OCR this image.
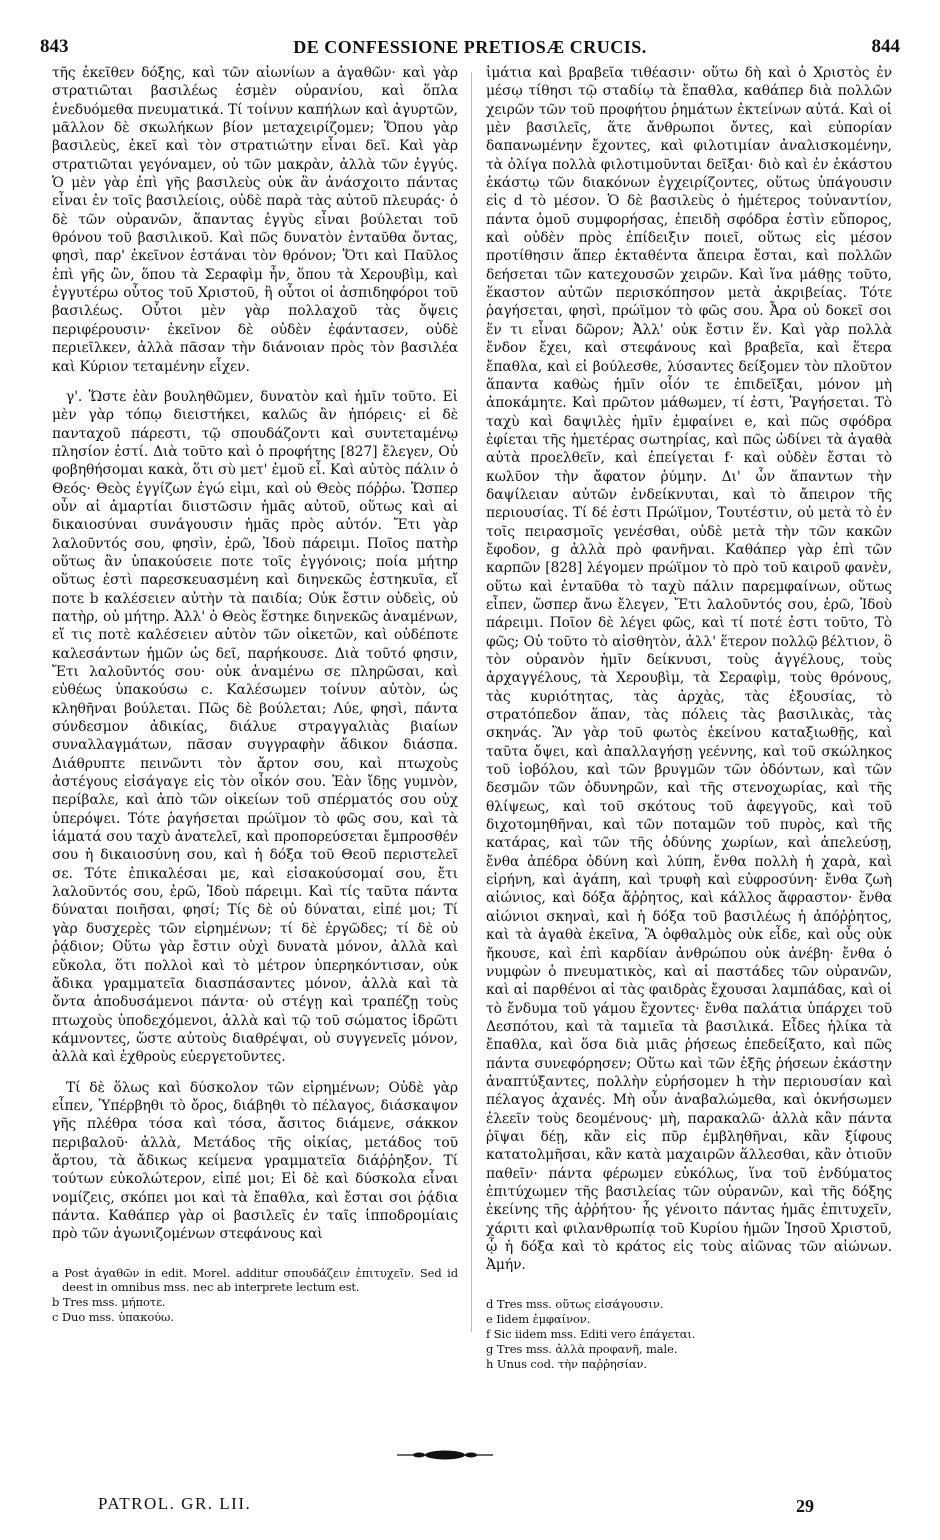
843	DE CONFESSIONE PRETIOSÆ CRUCIS.	844

τῆς ἐκεῖθεν δόξης, καὶ τῶν αἰωνίων a ἀγαθῶν· καὶ γὰρ στρατιῶται βασιλέως ἐσμὲν οὐρανίου, καὶ ὅπλα ἐνεδυόμεθα πνευματικά. Τί τοίνυν καπήλων καὶ ἀγυρτῶν, μᾶλλον δὲ σκωλήκων βίον μεταχειρίζομεν; Ὅπου γὰρ βασιλεὺς, ἐκεῖ καὶ τὸν στρατιώτην εἶναι δεῖ. Καὶ γὰρ στρατιῶται γεγόναμεν, οὐ τῶν μακρὰν, ἀλλὰ τῶν ἐγγύς. Ὁ μὲν γὰρ ἐπὶ γῆς βασιλεὺς οὐκ ἂν ἀνάσχοιτο πάντας εἶναι ἐν τοῖς βασιλείοις, οὐδὲ παρὰ τὰς αὐτοῦ πλευράς· ὁ δὲ τῶν οὐρανῶν, ἅπαντας ἐγγὺς εἶναι βούλεται τοῦ θρόνου τοῦ βασιλικοῦ. Καὶ πῶς δυνατὸν ἐνταῦθα ὄντας, φησὶ, παρ' ἐκεῖνον ἑστάναι τὸν θρόνον; Ὅτι καὶ Παῦλος ἐπὶ γῆς ὢν, ὅπου τὰ Σεραφὶμ ἦν, ὅπου τὰ Χερουβὶμ, καὶ ἐγγυτέρω οὗτος τοῦ Χριστοῦ, ἢ οὗτοι οἱ ἀσπιδηφόροι τοῦ βασιλέως. Οὗτοι μὲν γὰρ πολλαχοῦ τὰς ὄψεις περιφέρουσιν· ἐκεῖνον δὲ οὐδὲν ἐφάντασεν, οὐδὲ περιεῖλκεν, ἀλλὰ πᾶσαν τὴν διάνοιαν πρὸς τὸν βασιλέα καὶ Κύριον τεταμένην εἶχεν.

γ'. Ὥστε ἐὰν βουληθῶμεν, δυνατὸν καὶ ἡμῖν τοῦτο. Εἰ μὲν γὰρ τόπῳ διειστήκει, καλῶς ἂν ἠπόρεις· εἰ δὲ πανταχοῦ πάρεστι, τῷ σπουδάζοντι καὶ συντεταμένῳ πλησίον ἐστί. Διὰ τοῦτο καὶ ὁ προφήτης [827] ἔλεγεν, Οὐ φοβηθήσομαι κακὰ, ὅτι σὺ μετ' ἐμοῦ εἶ. Καὶ αὐτὸς πάλιν ὁ Θεός· Θεὸς ἐγγίζων ἐγώ εἰμι, καὶ οὐ Θεὸς πόῤῥω. Ὥσπερ οὖν αἱ ἁμαρτίαι διιστῶσιν ἡμᾶς αὐτοῦ, οὕτως καὶ αἱ δικαιοσύναι συνάγουσιν ἡμᾶς πρὸς αὐτόν. Ἔτι γὰρ λαλοῦντός σου, φησὶν, ἐρῶ, Ἰδοὺ πάρειμι. Ποῖος πατὴρ οὕτως ἂν ὑπακούσειε ποτε τοῖς ἐγγόνοις; ποία μήτηρ οὕτως ἐστὶ παρεσκευασμένη καὶ διηνεκῶς ἑστηκυῖα, εἴ ποτε b καλέσειεν αὐτὴν τὰ παιδία; Οὐκ ἔστιν οὐδεὶς, οὐ πατὴρ, οὐ μήτηρ. Ἀλλ' ὁ Θεὸς ἕστηκε διηνεκῶς ἀναμένων, εἴ τις ποτὲ καλέσειεν αὐτὸν τῶν οἰκετῶν, καὶ οὐδέποτε καλεσάντων ἡμῶν ὡς δεῖ, παρήκουσε. Διὰ τοῦτό φησιν, Ἔτι λαλοῦντός σου· οὐκ ἀναμένω σε πληρῶσαι, καὶ εὐθέως ὑπακούσω c. Καλέσωμεν τοίνυν αὐτὸν, ὡς κληθῆναι βούλεται. Πῶς δὲ βούλεται; Λύε, φησὶ, πάντα σύνδεσμον ἀδικίας, διάλυε στραγγαλιὰς βιαίων συναλλαγμάτων, πᾶσαν συγγραφὴν ἄδικον διάσπα. Διάθρυπτε πεινῶντι τὸν ἄρτον σου, καὶ πτωχοὺς ἀστέγους εἰσάγαγε εἰς τὸν οἶκόν σου. Ἐὰν ἴδῃς γυμνὸν, περίβαλε, καὶ ἀπὸ τῶν οἰκείων τοῦ σπέρματός σου οὐχ ὑπερόψει. Τότε ῥαγήσεται πρώϊμον τὸ φῶς σου, καὶ τὰ ἰάματά σου ταχὺ ἀνατελεῖ, καὶ προπορεύσεται ἔμπροσθέν σου ἡ δικαιοσύνη σου, καὶ ἡ δόξα τοῦ Θεοῦ περιστελεῖ σε. Τότε ἐπικαλέσαι με, καὶ εἰσακούσομαί σου, ἔτι λαλοῦντός σου, ἐρῶ, Ἰδοὺ πάρειμι. Καὶ τίς ταῦτα πάντα δύναται ποιῆσαι, φησί; Τίς δὲ οὐ δύναται, εἰπέ μοι; Τί γὰρ δυσχερὲς τῶν εἰρημένων; τί δὲ ἐργῶδες; τί δὲ οὐ ῥᾴδιον; Οὕτω γὰρ ἔστιν οὐχὶ δυνατὰ μόνον, ἀλλὰ καὶ εὔκολα, ὅτι πολλοὶ καὶ τὸ μέτρον ὑπερηκόντισαν, οὐκ ἄδικα γραμματεῖα διασπάσαντες μόνον, ἀλλὰ καὶ τὰ ὄντα ἀποδυσάμενοι πάντα· οὐ στέγῃ καὶ τραπέζῃ τοὺς πτωχοὺς ὑποδεχόμενοι, ἀλλὰ καὶ τῷ τοῦ σώματος ἱδρῶτι κάμνοντες, ὥστε αὐτοὺς διαθρέψαι, οὐ συγγενεῖς μόνον, ἀλλὰ καὶ ἐχθροὺς εὐεργετοῦντες.

Τί δὲ ὅλως καὶ δύσκολον τῶν εἰρημένων; Οὐδὲ γὰρ εἶπεν, Ὑπέρβηθι τὸ ὄρος, διάβηθι τὸ πέλαγος, διάσκαψον γῆς πλέθρα τόσα καὶ τόσα, ἄσιτος διάμενε, σάκκον περιβαλοῦ· ἀλλὰ, Μετάδος τῆς οἰκίας, μετάδος τοῦ ἄρτου, τὰ ἄδικως κείμενα γραμματεῖα διάῤῥηξον. Τί τούτων εὐκολώτερον, εἰπέ μοι; Εἰ δὲ καὶ δύσκολα εἶναι νομίζεις, σκόπει μοι καὶ τὰ ἔπαθλα, καὶ ἔσται σοι ῥᾴδια πάντα. Καθάπερ γὰρ οἱ βασιλεῖς ἐν ταῖς ἱπποδρομίαις πρὸ τῶν ἀγωνιζομένων στεφάνους καὶ

a Post ἀγαθῶν in edit. Morel. additur σπουδάζειν ἐπιτυχεῖν. Sed id deest in omnibus mss. nec ab interprete lectum est.
b Tres mss. μήποτε.
c Duo mss. ὑπακούω.

ἱμάτια καὶ βραβεῖα τιθέασιν· οὕτω δὴ καὶ ὁ Χριστὸς ἐν μέσῳ τίθησι τῷ σταδίῳ τὰ ἔπαθλα, καθάπερ διὰ πολλῶν χειρῶν τῶν τοῦ προφήτου ῥημάτων ἐκτείνων αὐτά. Καὶ οἱ μὲν βασιλεῖς, ἅτε ἄνθρωποι ὄντες, καὶ εὐπορίαν δαπανωμένην ἔχοντες, καὶ φιλοτιμίαν ἀναλισκομένην, τὰ ὀλίγα πολλὰ φιλοτιμοῦνται δεῖξαι· διὸ καὶ ἐν ἑκάστου ἑκάστῳ τῶν διακόνων ἐγχειρίζοντες, οὕτως ὑπάγουσιν εἰς d τὸ μέσον. Ὁ δὲ βασιλεὺς ὁ ἡμέτερος τοὐναντίον, πάντα ὁμοῦ συμφορήσας, ἐπειδὴ σφόδρα ἐστὶν εὔπορος, καὶ οὐδὲν πρὸς ἐπίδειξιν ποιεῖ, οὕτως εἰς μέσον προτίθησιν ἅπερ ἐκταθέντα ἄπειρα ἔσται, καὶ πολλῶν δεήσεται τῶν κατεχουσῶν χειρῶν. Καὶ ἵνα μάθῃς τοῦτο, ἕκαστον αὐτῶν περισκόπησον μετὰ ἀκριβείας. Τότε ῥαγήσεται, φησὶ, πρώϊμον τὸ φῶς σου. Ἆρα οὐ δοκεῖ σοι ἕν τι εἶναι δῶρον; Ἀλλ' οὐκ ἔστιν ἕν. Καὶ γὰρ πολλὰ ἔνδον ἔχει, καὶ στεφάνους καὶ βραβεῖα, καὶ ἕτερα ἔπαθλα, καὶ εἰ βούλεσθε, λύσαντες δείξομεν τὸν πλοῦτον ἅπαντα καθὼς ἡμῖν οἷόν τε ἐπιδεῖξαι, μόνον μὴ ἀποκάμητε. Καὶ πρῶτον μάθωμεν, τί ἐστι, Ῥαγήσεται. Τὸ ταχὺ καὶ δαψιλὲς ἡμῖν ἐμφαίνει e, καὶ πῶς σφόδρα ἐφίεται τῆς ἡμετέρας σωτηρίας, καὶ πῶς ὠδίνει τὰ ἀγαθὰ αὐτὰ προελθεῖν, καὶ ἐπείγεται f· καὶ οὐδὲν ἔσται τὸ κωλῦον τὴν ἄφατον ῥύμην. Δι' ὧν ἅπαντων τὴν δαψίλειαν αὐτῶν ἐνδείκνυται, καὶ τὸ ἄπειρον τῆς περιουσίας. Τί δέ ἐστι Πρώϊμον, Τουτέστιν, οὐ μετὰ τὸ ἐν τοῖς πειρασμοῖς γενέσθαι, οὐδὲ μετὰ τὴν τῶν κακῶν ἔφοδον, g ἀλλὰ πρὸ φανῆναι. Καθάπερ γὰρ ἐπὶ τῶν καρπῶν [828] λέγομεν πρώϊμον τὸ πρὸ τοῦ καιροῦ φανὲν, οὕτω καὶ ἐνταῦθα τὸ ταχὺ πάλιν παρεμφαίνων, οὕτως εἶπεν, ὥσπερ ἄνω ἔλεγεν, Ἔτι λαλοῦντός σου, ἐρῶ, Ἰδοὺ πάρειμι. Ποῖον δὲ λέγει φῶς, καὶ τί ποτέ ἐστι τοῦτο, Τὸ φῶς; Οὐ τοῦτο τὸ αἰσθητὸν, ἀλλ' ἕτερον πολλῷ βέλτιον, ὃ τὸν οὐρανὸν ἡμῖν δείκνυσι, τοὺς ἀγγέλους, τοὺς ἀρχαγγέλους, τὰ Χερουβὶμ, τὰ Σεραφὶμ, τοὺς θρόνους, τὰς κυριότητας, τὰς ἀρχὰς, τὰς ἐξουσίας, τὸ στρατόπεδον ἅπαν, τὰς πόλεις τὰς βασιλικὰς, τὰς σκηνάς. Ἂν γὰρ τοῦ φωτὸς ἐκείνου καταξιωθῇς, καὶ ταῦτα ὄψει, καὶ ἀπαλλαγήσῃ γεέννης, καὶ τοῦ σκώληκος τοῦ ἰοβόλου, καὶ τῶν βρυγμῶν τῶν ὀδόντων, καὶ τῶν δεσμῶν τῶν ὀδυνηρῶν, καὶ τῆς στενοχωρίας, καὶ τῆς θλίψεως, καὶ τοῦ σκότους τοῦ ἀφεγγοῦς, καὶ τοῦ διχοτομηθῆναι, καὶ τῶν ποταμῶν τοῦ πυρὸς, καὶ τῆς κατάρας, καὶ τῶν τῆς ὀδύνης χωρίων, καὶ ἀπελεύσῃ, ἔνθα ἀπέδρα ὀδύνη καὶ λύπη, ἔνθα πολλὴ ἡ χαρὰ, καὶ εἰρήνη, καὶ ἀγάπη, καὶ τρυφὴ καὶ εὐφροσύνη· ἔνθα ζωὴ αἰώνιος, καὶ δόξα ἄῤῥητος, καὶ κάλλος ἄφραστον· ἔνθα αἰώνιοι σκηναὶ, καὶ ἡ δόξα τοῦ βασιλέως ἡ ἀπόῤῥητος, καὶ τὰ ἀγαθὰ ἐκεῖνα, Ἃ ὀφθαλμὸς οὐκ εἶδε, καὶ οὖς οὐκ ἤκουσε, καὶ ἐπὶ καρδίαν ἀνθρώπου οὐκ ἀνέβη· ἔνθα ὁ νυμφὼν ὁ πνευματικὸς, καὶ αἱ παστάδες τῶν οὐρανῶν, καὶ αἱ παρθένοι αἱ τὰς φαιδρὰς ἔχουσαι λαμπάδας, καὶ οἱ τὸ ἔνδυμα τοῦ γάμου ἔχοντες· ἔνθα παλάτια ὑπάρχει τοῦ Δεσπότου, καὶ τὰ ταμιεῖα τὰ βασιλικά. Εἶδες ἡλίκα τὰ ἔπαθλα, καὶ ὅσα διὰ μιᾶς ῥήσεως ἐπεδείξατο, καὶ πῶς πάντα συνεφόρησεν; Οὕτω καὶ τῶν ἐξῆς ῥήσεων ἑκάστην ἀναπτύξαντες, πολλὴν εὑρήσομεν h τὴν περιουσίαν καὶ πέλαγος ἀχανές. Μὴ οὖν ἀναβαλώμεθα, καὶ ὀκνήσωμεν ἐλεεῖν τοὺς δεομένους· μὴ, παρακαλῶ· ἀλλὰ κἂν πάντα ῥῖψαι δέῃ, κἂν εἰς πῦρ ἐμβληθῆναι, κἂν ξίφους κατατολμῆσαι, κἂν κατὰ μαχαιρῶν ἅλλεσθαι, κἂν ὁτιοῦν παθεῖν· πάντα φέρωμεν εὐκόλως, ἵνα τοῦ ἐνδύματος ἐπιτύχωμεν τῆς βασιλείας τῶν οὐρανῶν, καὶ τῆς δόξης ἐκείνης τῆς ἀῤῥήτου· ἧς γένοιτο πάντας ἡμᾶς ἐπιτυχεῖν, χάριτι καὶ φιλανθρωπίᾳ τοῦ Κυρίου ἡμῶν Ἰησοῦ Χριστοῦ, ᾧ ἡ δόξα καὶ τὸ κράτος εἰς τοὺς αἰῶνας τῶν αἰώνων. Ἀμήν.

d Tres mss. οὕτως εἰσάγουσιν.
e Iidem ἐμφαίνον.
f Sic iidem mss. Editi vero ἐπάγεται.
g Tres mss. ἀλλὰ προφανῆ, male.
h Unus cod. τὴν παῤῥησίαν.
PATROL. GR. LII.	29
